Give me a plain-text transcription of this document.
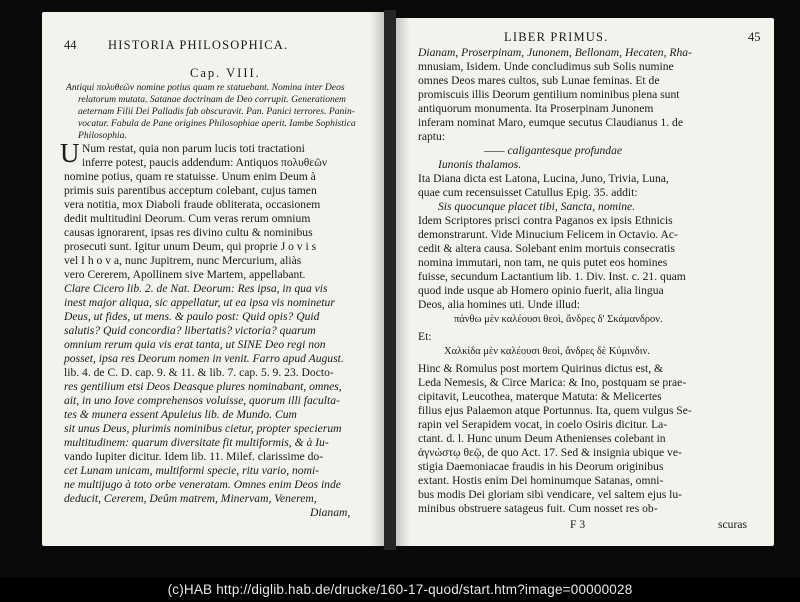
44	HISTORIA PHILOSOPHICA.
Cap. VIII.
Antiqui πολυθεῶν nomine potius quam re statuebant. Nomina inter Deos
relatorum mutata. Satanae doctrinam de Deo corrupit. Generationem
aeternam Filii Dei Palladis fab obscuravit. Pan. Panici terrores. Panin-
vocatur. Fabula de Pane origines Philosophiae aperit. Iambe Sophistica
Philosophia.
U Num restat, quia non parum lucis toti tractationi
inferre potest, paucis addendum: Antiquos πολυθεῶν
nomine potius, quam re statuisse. Unum enim Deum à
primis suis parentibus acceptum colebant, cujus tamen
vera notitia, mox Diaboli fraude obliterata, occasionem
dedit multitudini Deorum. Cum veras rerum omnium
causas ignorarent, ipsas res divino cultu & nominibus
prosecuti sunt. Igitur unum Deum, qui proprie J o v i s
vel I h o v a, nunc Jupitrem, nunc Mercurium, aliàs
vero Cererem, Apollinem sive Martem, appellabant.
Clare Cicero lib. 2. de Nat. Deorum: Res ipsa, in qua vis
inest major aliqua, sic appellatur, ut ea ipsa vis nominetur
Deus, ut fides, ut mens. & paulo post: Quid opis? Quid
salutis? Quid concordia? libertatis? victoria? quarum
omnium rerum quia vis erat tanta, ut SINE Deo regi non
posset, ipsa res Deorum nomen in venit. Farro apud August.
lib. 4. de C. D. cap. 9. & 11. & lib. 7. cap. 5. 9. 23. Docto-
res gentilium etsi Deos Deasque plures nominabant, omnes,
ait, in uno Iove comprehensos voluisse, quorum illi faculta-
tes & munera essent Apuleius lib. de Mundo. Cum
sit unus Deus, plurimis nominibus cietur, propter specierum
multitudinem: quarum diversitate fit multiformis, & à Iu-
vando Iupiter dicitur. Idem lib. 11. Milef. clarissime do-
cet Lunam unicam, multiformi specie, ritu vario, nomi-
ne multijugo à toto orbe veneratam. Omnes enim Deos inde
deducit, Cererem, Deûm matrem, Minervam, Venerem,
Dianam,
LIBER PRIMUS.	45
Dianam, Proserpinam, Junonem, Bellonam, Hecaten, Rha-
mnusiam, Isidem. Unde concludimus sub Solis numine
omnes Deos mares cultos, sub Lunae feminas. Et de
promiscuis illis Deorum gentilium nominibus plena sunt
antiquorum monumenta. Ita Proserpinam Junonem
inferam nominat Maro, eumque secutus Claudianus 1. de
raptu:
—— caligantesque profundae
Iunonis thalamos.
Ita Diana dicta est Latona, Lucina, Juno, Trivia, Luna,
quae cum recensuisset Catullus Epig. 35. addit:
Sis quocunque placet tibi, Sancta, nomine.
Idem Scriptores prisci contra Paganos ex ipsis Ethnicis
demonstrarunt. Vide Minucium Felicem in Octavio. Ac-
cedit & altera causa. Solebant enim mortuis consecratis
nomina immutari, non tam, ne quis putet eos homines
fuisse, secundum Lactantium lib. 1. Div. Inst. c. 21. quam
quod inde usque ab Homero opinio fuerit, alia lingua
Deos, alia homines uti. Unde illud:
πάνθω μὲν καλέουσι θεοὶ, ἄνδρες δ' Σκάμανδρον.
Et:
Χαλκίδα μὲν καλέουσι θεοὶ, ἄνδρες δὲ Κύμινδιν.
Hinc & Romulus post mortem Quirinus dictus est, &
Leda Nemesis, & Circe Marica: & Ino, postquam se prae-
cipitavit, Leucothea, materque Matuta: & Melicertes
filius ejus Palaemon atque Portunnus. Ita, quem vulgus Se-
rapin vel Serapidem vocat, in coelo Osiris dicitur. La-
ctant. d. l. Hunc unum Deum Athenienses colebant in
ἀγνώστῳ θεῷ, de quo Act. 17. Sed & insignia ubique ve-
stigia Daemoniacae fraudis in his Deorum originibus
extant. Hostis enim Dei hominumque Satanas, omni-
bus modis Dei gloriam sibi vendicare, vel saltem ejus lu-
minibus obstruere satageus fuit. Cum nosset res ob-
F 3	scuras
(c)HAB http://diglib.hab.de/drucke/160-17-quod/start.htm?image=00000028
